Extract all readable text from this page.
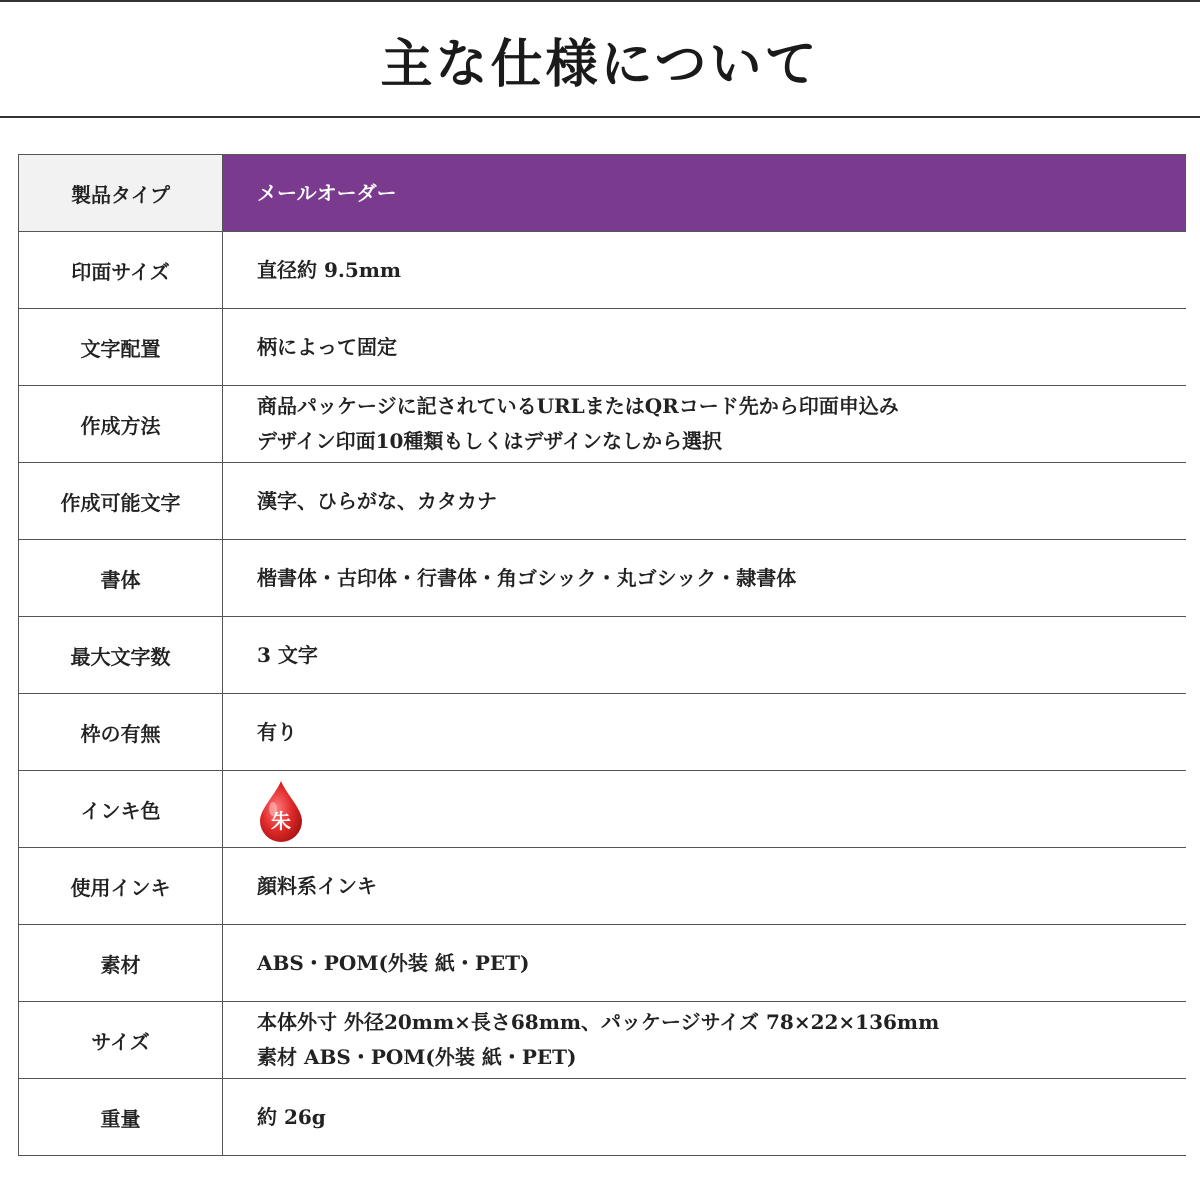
主な仕様について
製品タイプ	メールオーダー
印面サイズ	直径約 9.5mm
文字配置	柄によって固定
作成方法	商品パッケージに記されているURLまたはQRコード先から印面申込み
デザイン印面10種類もしくはデザインなしから選択

作成可能文字	漢字、ひらがな、カタカナ
書体	楷書体・古印体・行書体・角ゴシック・丸ゴシック・隷書体
最大文字数	3 文字
枠の有無	有り
インキ色	朱

使用インキ	顔料系インキ
素材	ABS・POM(外装 紙・PET)
サイズ	本体外寸 外径20mm×長さ68mm、パッケージサイズ 78×22×136mm
素材 ABS・POM(外装 紙・PET)

重量	約 26g
